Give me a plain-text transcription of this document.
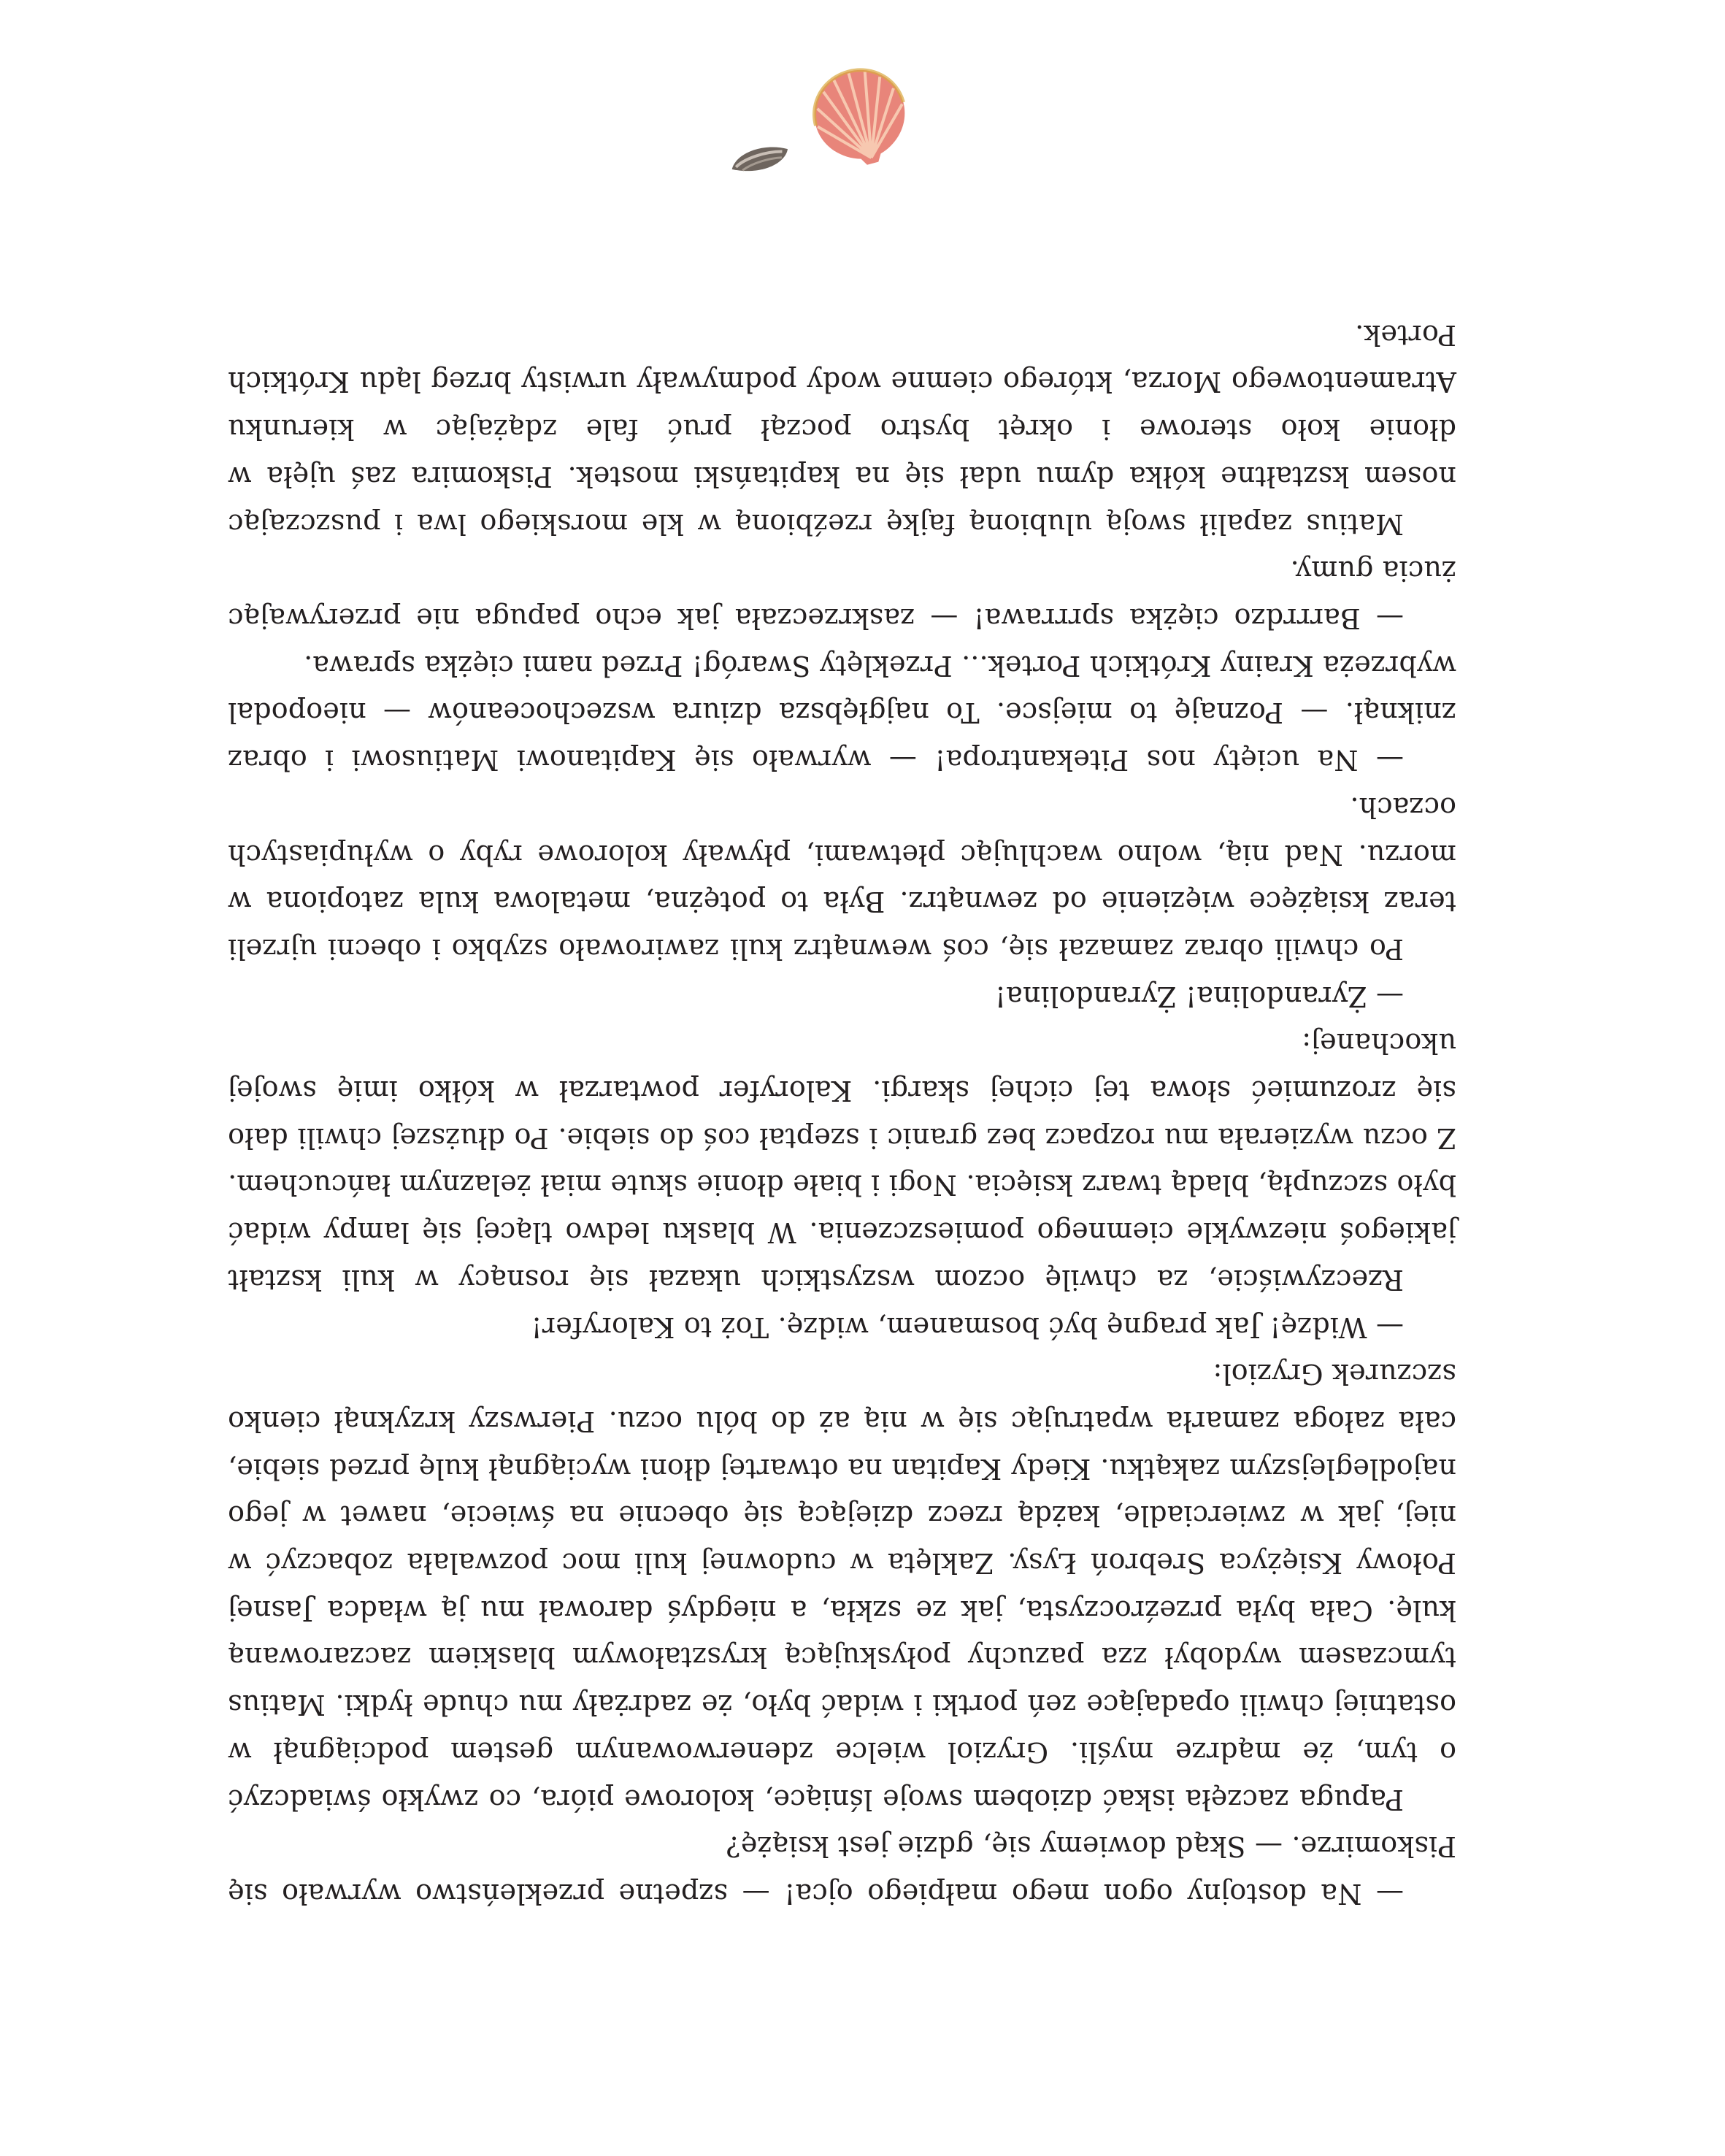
— Na dostojny ogon mego małpiego ojca! — szpetne przekleństwo wyrwało się Piskomirze. — Skąd dowiemy się, gdzie jest książę?

Papuga zaczęła iskać dziobem swoje lśniące, kolorowe pióra, co zwykło świadczyć o tym, że mądrze myśli. Gryziol wielce zdenerwowanym gestem podciągnął w ostatniej chwili opadające zeń portki i widać było, że zadrżały mu chude łydki. Matius tymczasem wydobył zza pazuchy połyskującą kryształowym blaskiem zaczarowaną kulę. Cała była przeźroczysta, jak ze szkła, a niegdyś darował mu ją władca Jasnej Połowy Księżyca Srebroń Łysy. Zaklęta w cudownej kuli moc pozwalała zobaczyć w niej, jak w zwierciadle, każdą rzecz dziejącą się obecnie na świecie, nawet w jego najodleglejszym zakątku. Kiedy Kapitan na otwartej dłoni wyciągnął kulę przed siebie, cała załoga zamarła wpatrując się w nią aż do bólu oczu. Pierwszy krzyknął cienko szczurek Gryziol:

— Widzę! Jak pragnę być bosmanem, widzę. Toż to Kaloryfer!

Rzeczywiście, za chwilę oczom wszystkich ukazał się rosnący w kuli kształt jakiegoś niezwykle ciemnego pomieszczenia. W blasku ledwo tlącej się lampy widać było szczupłą, bladą twarz księcia. Nogi i białe dłonie skute miał żelaznym łańcuchem. Z oczu wyzierała mu rozpacz bez granic i szeptał coś do siebie. Po dłuższej chwili dało się zrozumieć słowa tej cichej skargi. Kaloryfer powtarzał w kółko imię swojej ukochanej:

— Żyrandolina! Żyrandolina!

Po chwili obraz zamazał się, coś wewnątrz kuli zawirowało szybko i obecni ujrzeli teraz książęce więzienie od zewnątrz. Była to potężna, metalowa kula zatopiona w morzu. Nad nią, wolno wachlując płetwami, pływały kolorowe ryby o wyłupiastych oczach.

— Na ucięty nos Pitekantropa! — wyrwało się Kapitanowi Matiusowi i obraz zniknął. — Poznaję to miejsce. To najgłębsza dziura wszechoceanów — nieopodal wybrzeża Krainy Krótkich Portek... Przeklęty Swaróg! Przed nami ciężka sprawa.

— Barrrdzo ciężka sprrrawa! — zaskrzeczała jak echo papuga nie przerywając żucia gumy.

Matius zapalił swoją ulubioną fajkę rzeźbioną w kle morskiego lwa i puszczając nosem kształtne kółka dymu udał się na kapitański mostek. Piskomira zaś ujęła w dłonie koło sterowe i okręt bystro począł pruć fale zdążając w kierunku Atramentowego Morza, którego ciemne wody podmywały urwisty brzeg lądu Krótkich Portek.
